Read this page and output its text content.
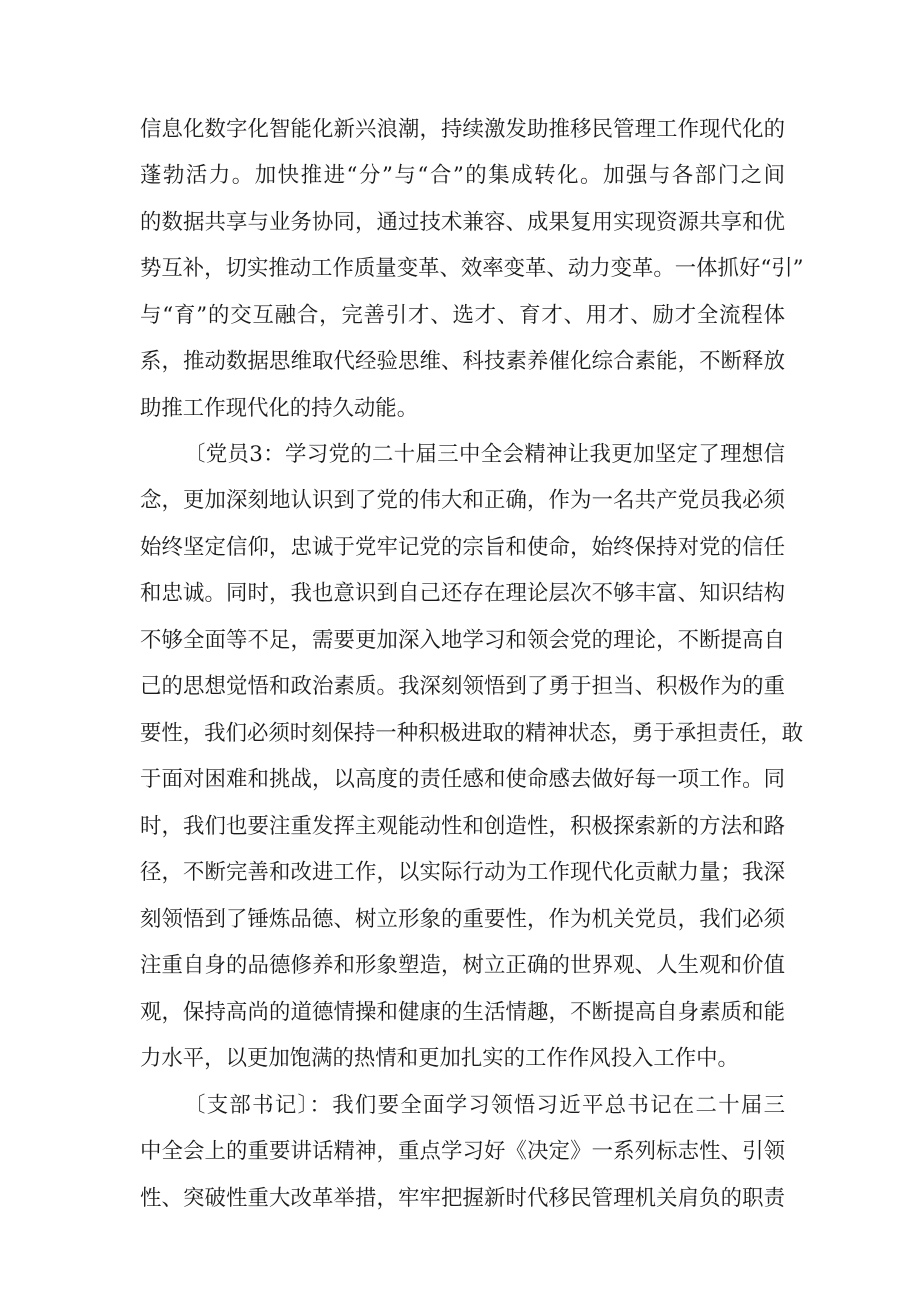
信息化数字化智能化新兴浪潮，持续激发助推移民管理工作现代化的
蓬勃活力。加快推进“分”与“合”的集成转化。加强与各部门之间
的数据共享与业务协同，通过技术兼容、成果复用实现资源共享和优
势互补，切实推动工作质量变革、效率变革、动力变革。一体抓好“引”
与“育”的交互融合，完善引才、选才、育才、用才、励才全流程体
系，推动数据思维取代经验思维、科技素养催化综合素能，不断释放
助推工作现代化的持久动能。
〔党员3：学习党的二十届三中全会精神让我更加坚定了理想信
念，更加深刻地认识到了党的伟大和正确，作为一名共产党员我必须
始终坚定信仰，忠诚于党牢记党的宗旨和使命，始终保持对党的信任
和忠诚。同时，我也意识到自己还存在理论层次不够丰富、知识结构
不够全面等不足，需要更加深入地学习和领会党的理论，不断提高自
己的思想觉悟和政治素质。我深刻领悟到了勇于担当、积极作为的重
要性，我们必须时刻保持一种积极进取的精神状态，勇于承担责任，敢
于面对困难和挑战，以高度的责任感和使命感去做好每一项工作。同
时，我们也要注重发挥主观能动性和创造性，积极探索新的方法和路
径，不断完善和改进工作，以实际行动为工作现代化贡献力量；我深
刻领悟到了锤炼品德、树立形象的重要性，作为机关党员，我们必须
注重自身的品德修养和形象塑造，树立正确的世界观、人生观和价值
观，保持高尚的道德情操和健康的生活情趣，不断提高自身素质和能
力水平，以更加饱满的热情和更加扎实的工作作风投入工作中。
〔支部书记〕：我们要全面学习领悟习近平总书记在二十届三
中全会上的重要讲话精神，重点学习好《决定》一系列标志性、引领
性、突破性重大改革举措，牢牢把握新时代移民管理机关肩负的职责
